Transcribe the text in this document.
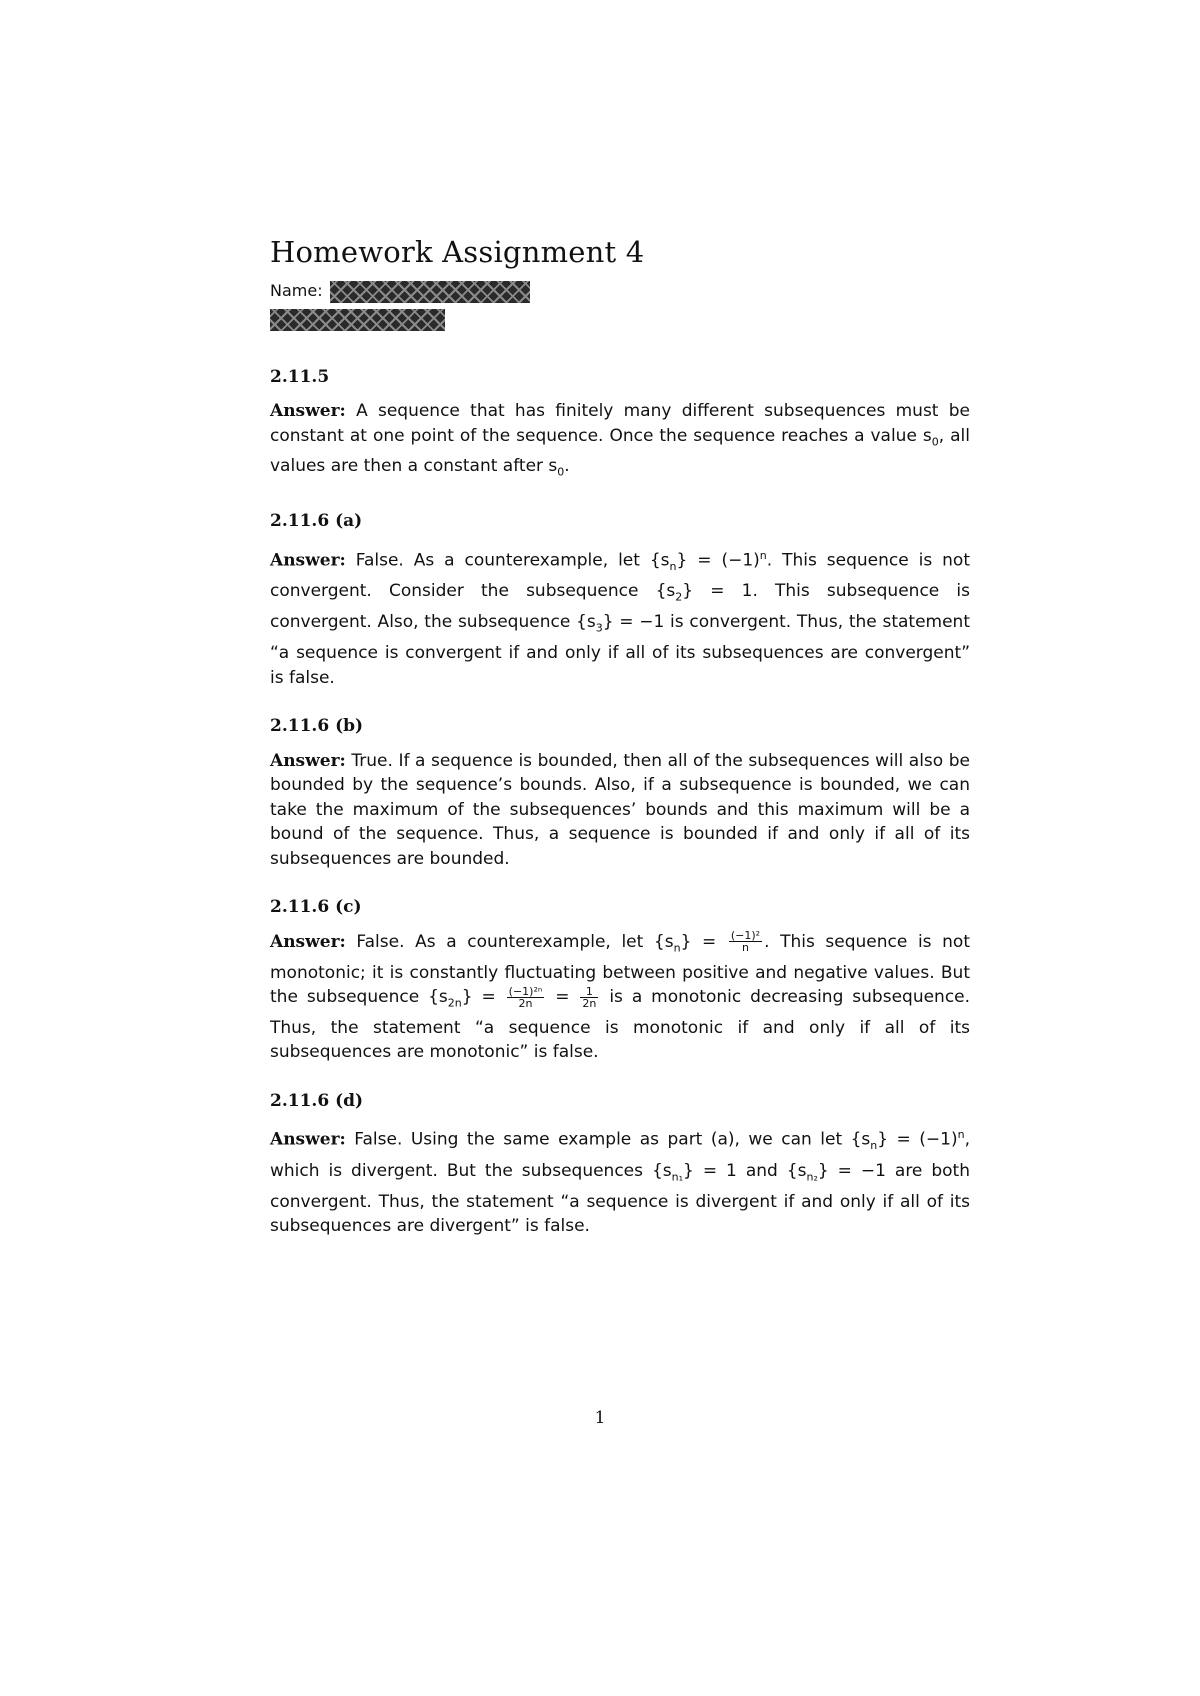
Homework Assignment 4
Name:

2.11.5

Answer: A sequence that has finitely many different subsequences must be constant at one point of the sequence. Once the sequence reaches a value $s_0$, all values are then a constant after $s_0$.

2.11.6 (a)

Answer: False. As a counterexample, let $\{s_n\} = (-1)^n$. This sequence is not convergent. Consider the subsequence $\{s_2\} = 1$. This subsequence is convergent. Also, the subsequence $\{s_3\} = -1$ is convergent. Thus, the statement “a sequence is convergent if and only if all of its subsequences are convergent” is false.

2.11.6 (b)

Answer: True. If a sequence is bounded, then all of the subsequences will also be bounded by the sequence’s bounds. Also, if a subsequence is bounded, we can take the maximum of the subsequences’ bounds and this maximum will be a bound of the sequence. Thus, a sequence is bounded if and only if all of its subsequences are bounded.

2.11.6 (c)

Answer: False. As a counterexample, let $\{s_n\} = \frac{\text{(−1)²}}{n}$ . This sequence is not monotonic; it is constantly fluctuating between positive and negative values. But the subsequence $\{s_{2n}\} = \frac{\text{(−1)²ⁿ}}{2n} = \frac{1}{2n}$ is a monotonic decreasing subsequence. Thus, the statement “a sequence is monotonic if and only if all of its subsequences are monotonic” is false.

2.11.6 (d)

Answer: False. Using the same example as part (a), we can let $\{s_n\} = (-1)^n$, which is divergent. But the subsequences $\{s_{n_1}\} = 1$ and $\{s_{n_2}\} = -1$ are both convergent. Thus, the statement “a sequence is divergent if and only if all of its subsequences are divergent” is false.

1
